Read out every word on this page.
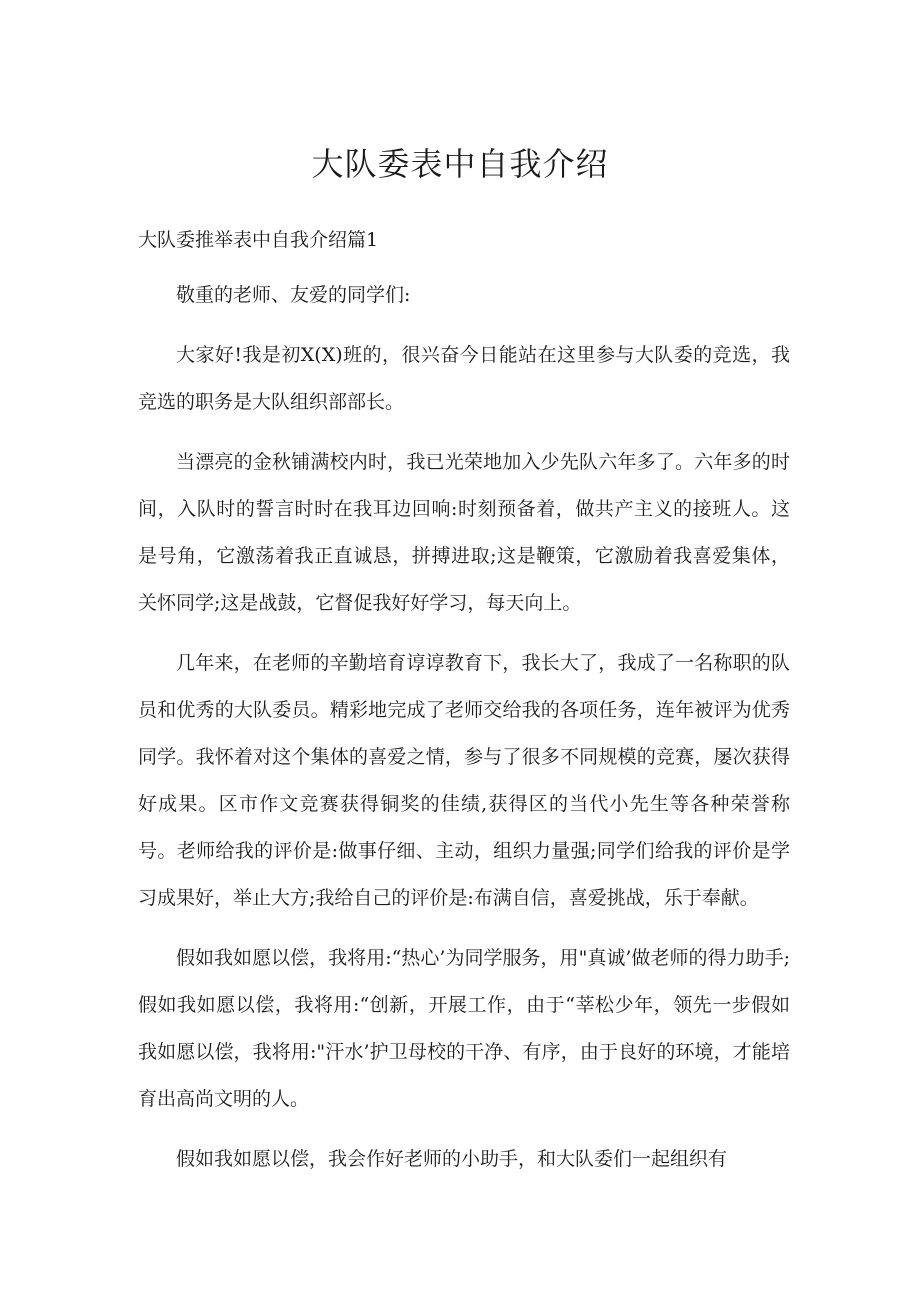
大队委表中自我介绍

大队委推举表中自我介绍篇1

敬重的老师、友爱的同学们:

大家好!我是初X(X)班的，很兴奋今日能站在这里参与大队委的竞选，我竞选的职务是大队组织部部长。

当漂亮的金秋铺满校内时，我已光荣地加入少先队六年多了。六年多的时间，入队时的誓言时时在我耳边回响:时刻预备着，做共产主义的接班人。这是号角，它激荡着我正直诚恳，拼搏进取;这是鞭策，它激励着我喜爱集体，关怀同学;这是战鼓，它督促我好好学习，每天向上。

几年来，在老师的辛勤培育谆谆教育下，我长大了，我成了一名称职的队员和优秀的大队委员。精彩地完成了老师交给我的各项任务，连年被评为优秀同学。我怀着对这个集体的喜爱之情，参与了很多不同规模的竞赛，屡次获得好成果。区市作文竞赛获得铜奖的佳绩,获得区的当代小先生等各种荣誉称号。老师给我的评价是:做事仔细、主动，组织力量强;同学们给我的评价是学习成果好，举止大方;我给自己的评价是:布满自信，喜爱挑战，乐于奉献。

假如我如愿以偿，我将用:“热心’为同学服务，用"真诚’做老师的得力助手;假如我如愿以偿，我将用:“创新，开展工作，由于“莘松少年，领先一步假如我如愿以偿，我将用:"汗水’护卫母校的干净、有序，由于良好的环境，才能培育出高尚文明的人。

假如我如愿以偿，我会作好老师的小助手，和大队委们一起组织有
